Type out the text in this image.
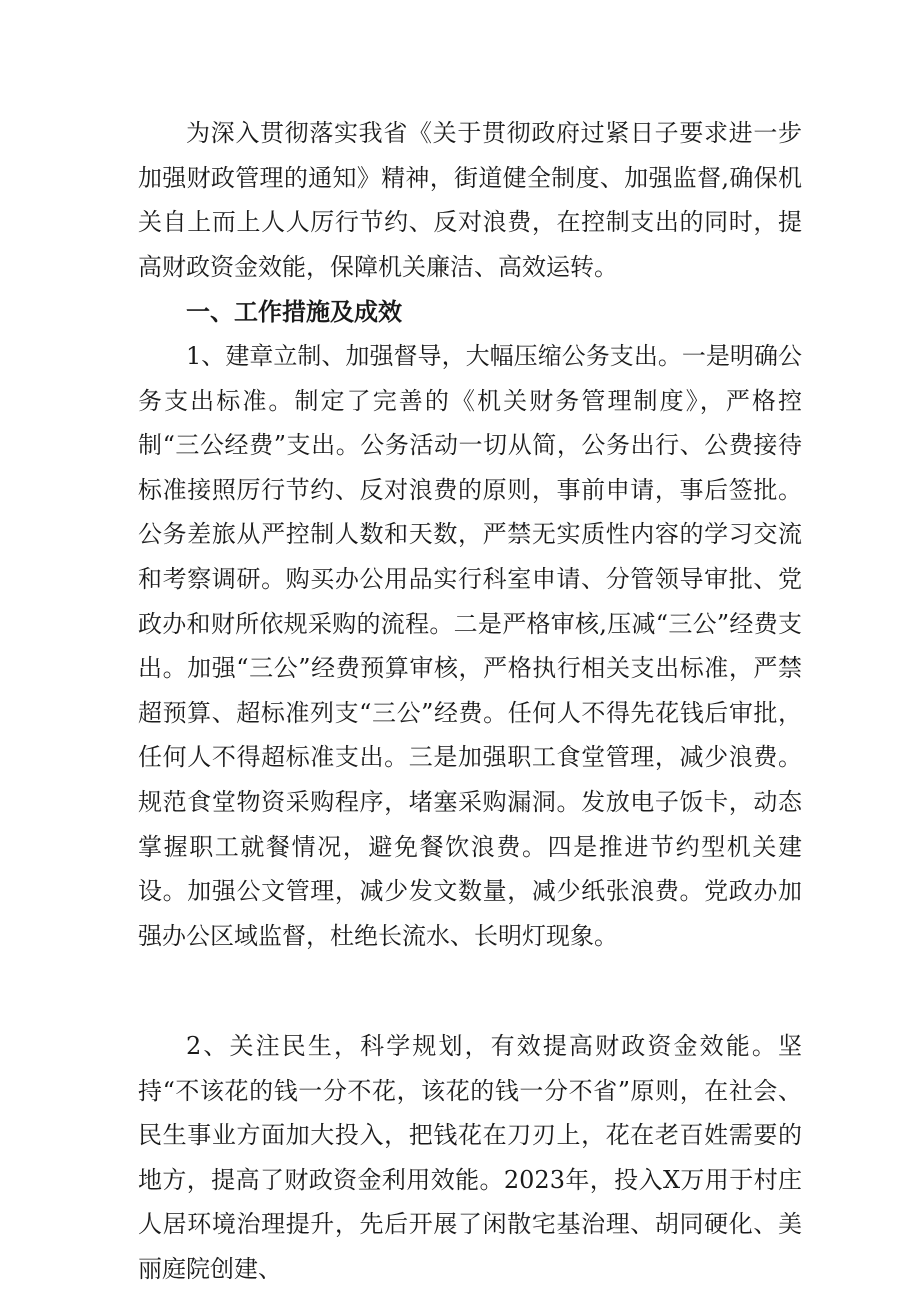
为深入贯彻落实我省《关于贯彻政府过紧日子要求进一步加强财政管理的通知》精神，街道健全制度、加强监督,确保机关自上而上人人厉行节约、反对浪费，在控制支出的同时，提高财政资金效能，保障机关廉洁、高效运转。

一、工作措施及成效

1、建章立制、加强督导，大幅压缩公务支出。一是明确公务支出标准。制定了完善的《机关财务管理制度》，严格控制“三公经费”支出。公务活动一切从简，公务出行、公费接待标准接照厉行节约、反对浪费的原则，事前申请，事后签批。公务差旅从严控制人数和天数，严禁无实质性内容的学习交流和考察调研。购买办公用品实行科室申请、分管领导审批、党政办和财所依规采购的流程。二是严格审核,压减“三公”经费支出。加强“三公”经费预算审核，严格执行相关支出标准，严禁超预算、超标准列支“三公”经费。任何人不得先花钱后审批，任何人不得超标准支出。三是加强职工食堂管理，减少浪费。规范食堂物资采购程序，堵塞采购漏洞。发放电子饭卡，动态掌握职工就餐情况，避免餐饮浪费。四是推进节约型机关建设。加强公文管理，减少发文数量，减少纸张浪费。党政办加强办公区域监督，杜绝长流水、长明灯现象。

2、关注民生，科学规划，有效提高财政资金效能。坚持“不该花的钱一分不花，该花的钱一分不省”原则，在社会、民生事业方面加大投入，把钱花在刀刃上，花在老百姓需要的地方，提高了财政资金利用效能。2023年，投入X万用于村庄人居环境治理提升，先后开展了闲散宅基治理、胡同硬化、美丽庭院创建、
